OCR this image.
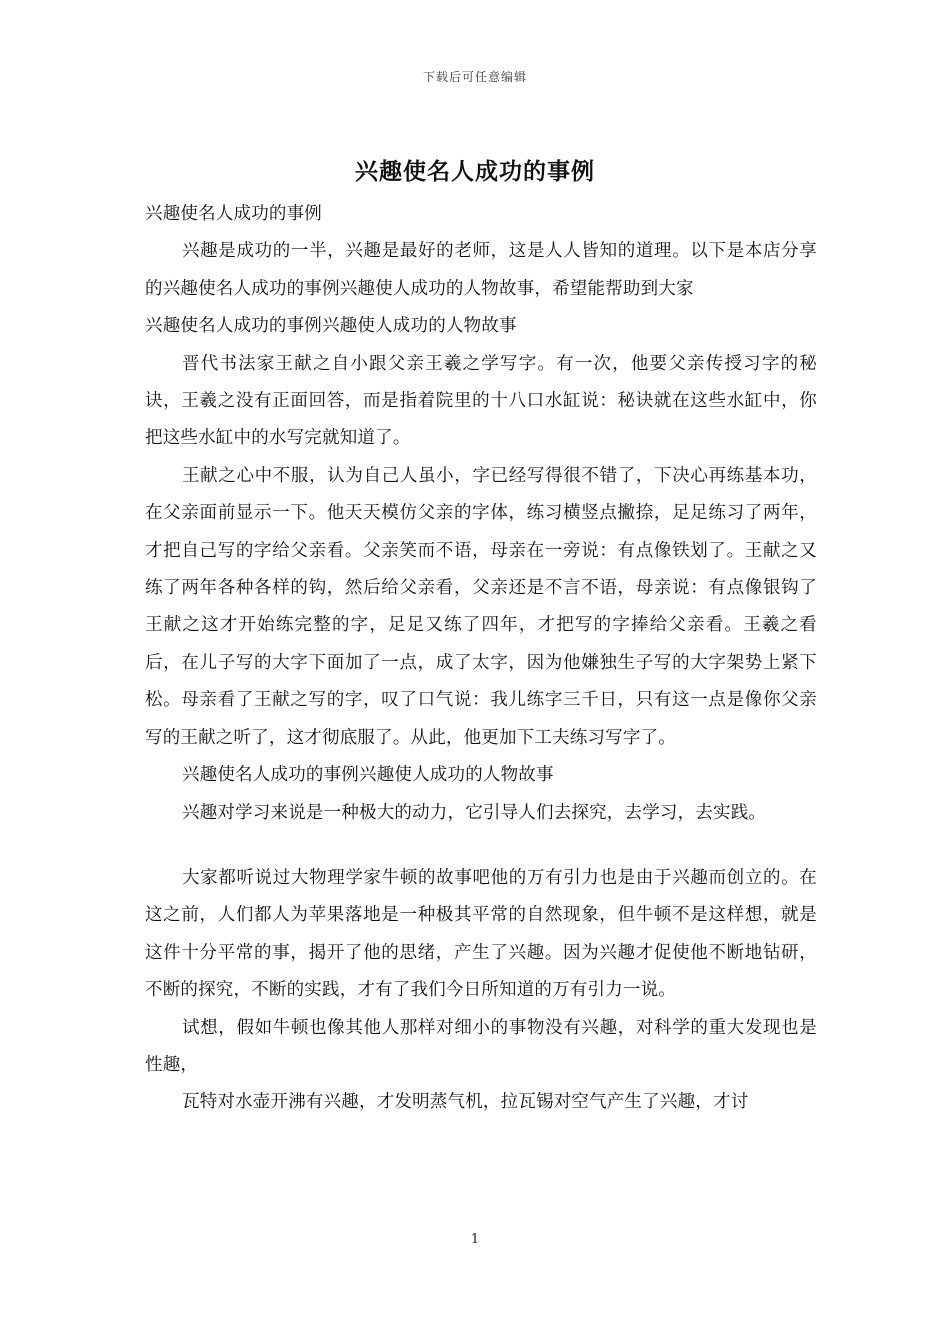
下载后可任意编辑
兴趣使名人成功的事例

兴趣使名人成功的事例

兴趣是成功的一半，兴趣是最好的老师，这是人人皆知的道理。以下是本店分享的兴趣使名人成功的事例兴趣使人成功的人物故事，希望能帮助到大家

兴趣使名人成功的事例兴趣使人成功的人物故事

晋代书法家王献之自小跟父亲王羲之学写字。有一次，他要父亲传授习字的秘诀，王羲之没有正面回答，而是指着院里的十八口水缸说：秘诀就在这些水缸中，你把这些水缸中的水写完就知道了。

王献之心中不服，认为自己人虽小，字已经写得很不错了，下决心再练基本功，在父亲面前显示一下。他天天模仿父亲的字体，练习横竖点撇捺，足足练习了两年，才把自己写的字给父亲看。父亲笑而不语，母亲在一旁说：有点像铁划了。王献之又练了两年各种各样的钩，然后给父亲看，父亲还是不言不语，母亲说：有点像银钩了王献之这才开始练完整的字，足足又练了四年，才把写的字捧给父亲看。王羲之看后，在儿子写的大字下面加了一点，成了太字，因为他嫌独生子写的大字架势上紧下松。母亲看了王献之写的字，叹了口气说：我儿练字三千日，只有这一点是像你父亲写的王献之听了，这才彻底服了。从此，他更加下工夫练习写字了。

兴趣使名人成功的事例兴趣使人成功的人物故事

兴趣对学习来说是一种极大的动力，它引导人们去探究，去学习，去实践。

大家都听说过大物理学家牛顿的故事吧他的万有引力也是由于兴趣而创立的。在这之前，人们都人为苹果落地是一种极其平常的自然现象，但牛顿不是这样想，就是这件十分平常的事，揭开了他的思绪，产生了兴趣。因为兴趣才促使他不断地钻研，不断的探究，不断的实践，才有了我们今日所知道的万有引力一说。

试想，假如牛顿也像其他人那样对细小的事物没有兴趣，对科学的重大发现也是性趣，

瓦特对水壶开沸有兴趣，才发明蒸气机，拉瓦锡对空气产生了兴趣，才讨

1
